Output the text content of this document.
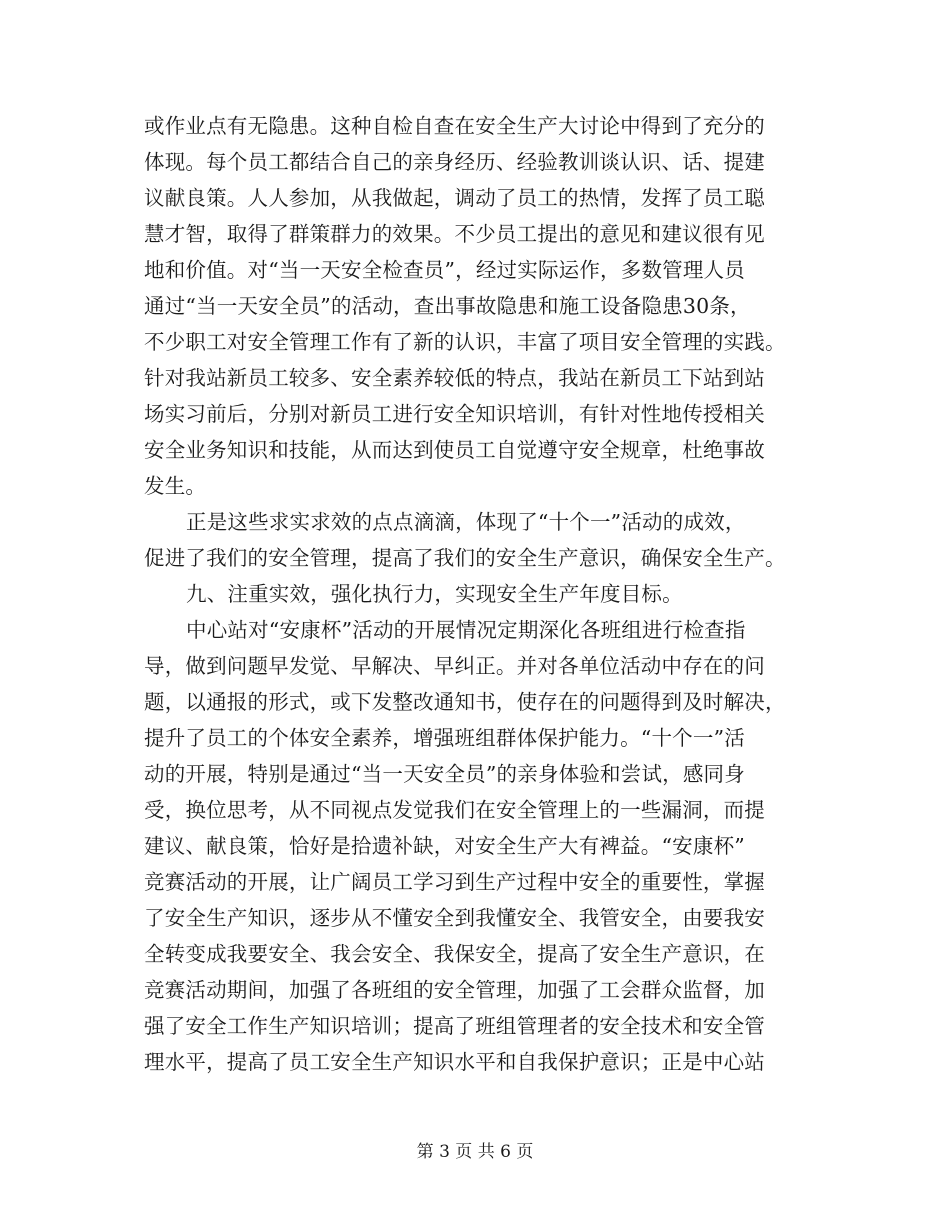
或作业点有无隐患。这种自检自查在安全生产大讨论中得到了充分的
体现。每个员工都结合自己的亲身经历、经验教训谈认识、话、提建
议献良策。人人参加，从我做起，调动了员工的热情，发挥了员工聪
慧才智，取得了群策群力的效果。不少员工提出的意见和建议很有见
地和价值。对“当一天安全检查员”，经过实际运作，多数管理人员
通过“当一天安全员”的活动，查出事故隐患和施工设备隐患30条，
不少职工对安全管理工作有了新的认识，丰富了项目安全管理的实践。
针对我站新员工较多、安全素养较低的特点，我站在新员工下站到站
场实习前后，分别对新员工进行安全知识培训，有针对性地传授相关
安全业务知识和技能，从而达到使员工自觉遵守安全规章，杜绝事故
发生。
正是这些求实求效的点点滴滴，体现了“十个一”活动的成效，
促进了我们的安全管理，提高了我们的安全生产意识，确保安全生产。
九、注重实效，强化执行力，实现安全生产年度目标。
中心站对“安康杯”活动的开展情况定期深化各班组进行检查指
导，做到问题早发觉、早解决、早纠正。并对各单位活动中存在的问
题，以通报的形式，或下发整改通知书，使存在的问题得到及时解决，
提升了员工的个体安全素养，增强班组群体保护能力。“十个一”活
动的开展，特别是通过“当一天安全员”的亲身体验和尝试，感同身
受，换位思考，从不同视点发觉我们在安全管理上的一些漏洞，而提
建议、献良策，恰好是拾遗补缺，对安全生产大有裨益。“安康杯”
竞赛活动的开展，让广阔员工学习到生产过程中安全的重要性，掌握
了安全生产知识，逐步从不懂安全到我懂安全、我管安全，由要我安
全转变成我要安全、我会安全、我保安全，提高了安全生产意识，在
竞赛活动期间，加强了各班组的安全管理，加强了工会群众监督，加
强了安全工作生产知识培训；提高了班组管理者的安全技术和安全管
理水平，提高了员工安全生产知识水平和自我保护意识；正是中心站
第 3 页 共 6 页
